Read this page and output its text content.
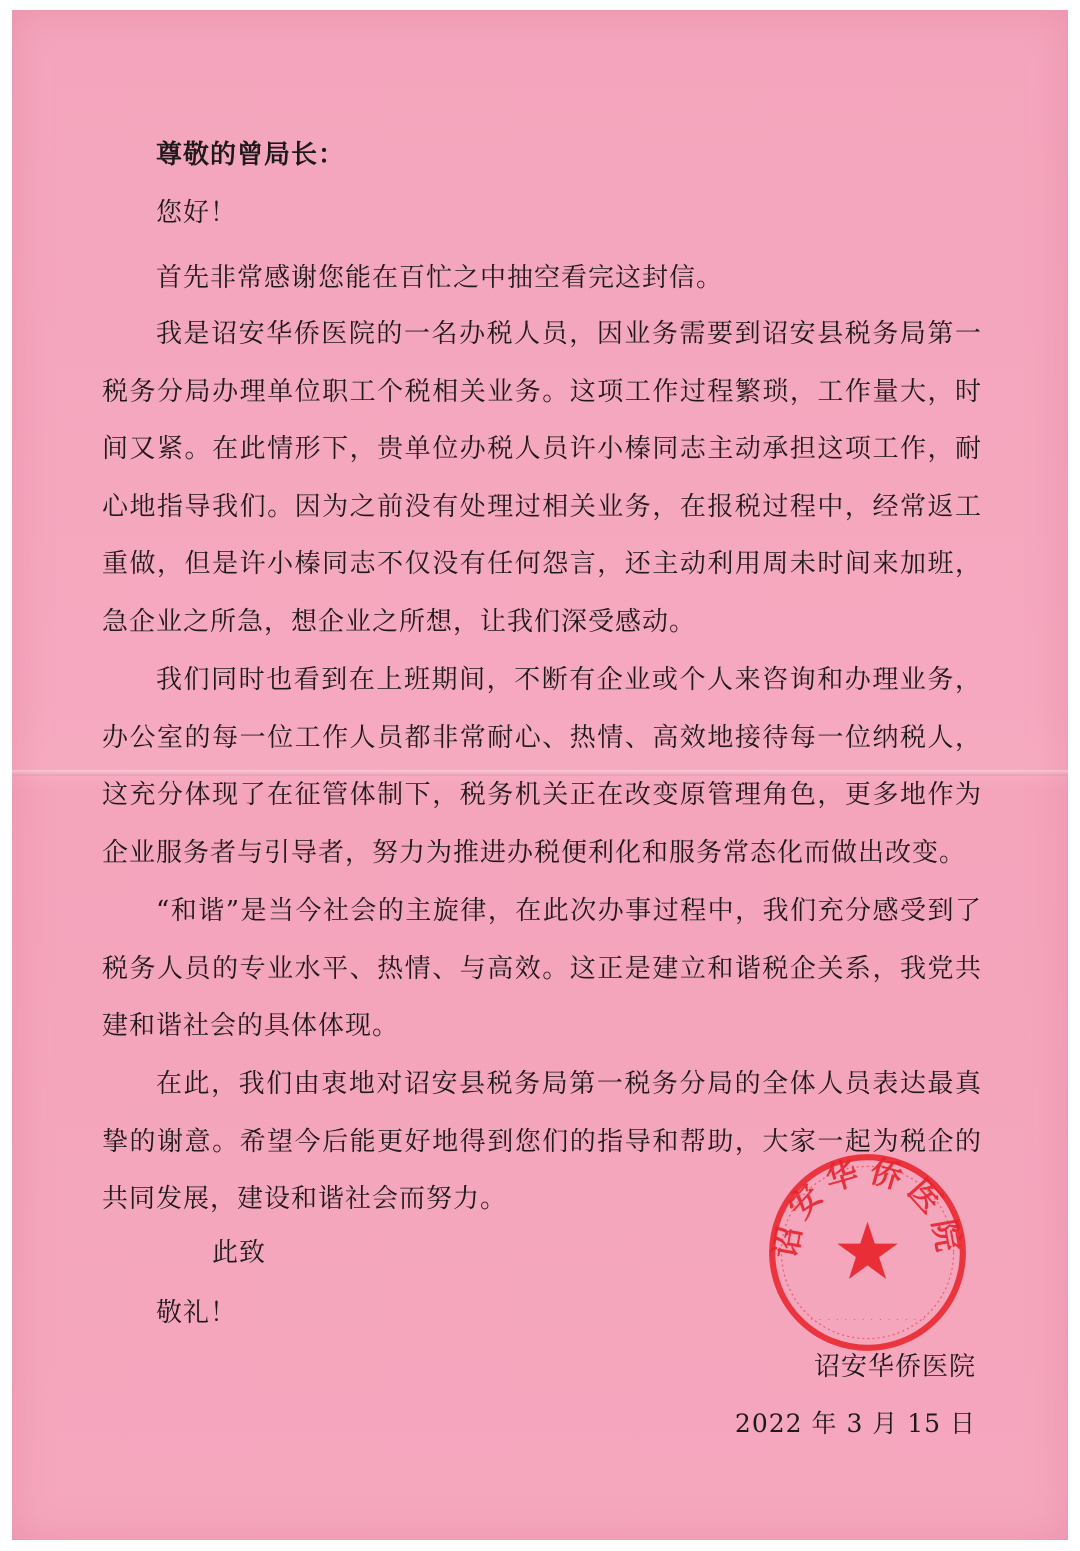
尊敬的曾局长：
您好！
首先非常感谢您能在百忙之中抽空看完这封信。
我是诏安华侨医院的一名办税人员，因业务需要到诏安县税务局第一税务分局办理单位职工个税相关业务。这项工作过程繁琐，工作量大，时间又紧。在此情形下，贵单位办税人员许小榛同志主动承担这项工作，耐心地指导我们。因为之前没有处理过相关业务，在报税过程中，经常返工重做，但是许小榛同志不仅没有任何怨言，还主动利用周未时间来加班，急企业之所急，想企业之所想，让我们深受感动。
我们同时也看到在上班期间，不断有企业或个人来咨询和办理业务，办公室的每一位工作人员都非常耐心、热情、高效地接待每一位纳税人，这充分体现了在征管体制下，税务机关正在改变原管理角色，更多地作为企业服务者与引导者，努力为推进办税便利化和服务常态化而做出改变。
“和谐”是当今社会的主旋律，在此次办事过程中，我们充分感受到了税务人员的专业水平、热情、与高效。这正是建立和谐税企关系，我党共建和谐社会的具体体现。
在此，我们由衷地对诏安县税务局第一税务分局的全体人员表达最真挚的谢意。希望今后能更好地得到您们的指导和帮助，大家一起为税企的共同发展，建设和谐社会而努力。
此致
敬礼！
诏安华侨医院
2022 年 3 月 15 日
诏安华侨医院
· · · · · · · · · · · · · ·
